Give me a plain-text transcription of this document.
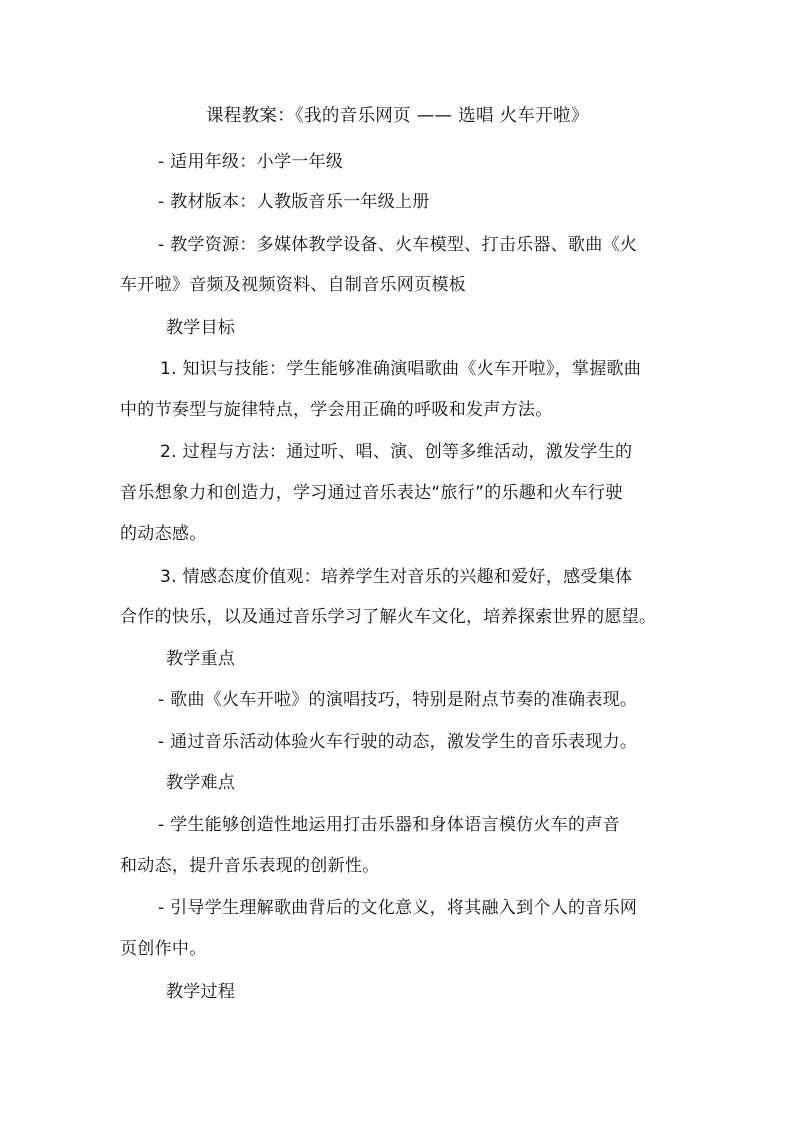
课程教案：《我的音乐网页 —— 选唱 火车开啦》
- 适用年级：小学一年级
- 教材版本：人教版音乐一年级上册
- 教学资源：多媒体教学设备、火车模型、打击乐器、歌曲《火
车开啦》音频及视频资料、自制音乐网页模板
教学目标
1. 知识与技能：学生能够准确演唱歌曲《火车开啦》，掌握歌曲
中的节奏型与旋律特点，学会用正确的呼吸和发声方法。
2. 过程与方法：通过听、唱、演、创等多维活动，激发学生的
音乐想象力和创造力，学习通过音乐表达“旅行”的乐趣和火车行驶
的动态感。
3. 情感态度价值观：培养学生对音乐的兴趣和爱好，感受集体
合作的快乐，以及通过音乐学习了解火车文化，培养探索世界的愿望。
教学重点
- 歌曲《火车开啦》的演唱技巧，特别是附点节奏的准确表现。
- 通过音乐活动体验火车行驶的动态，激发学生的音乐表现力。
教学难点
- 学生能够创造性地运用打击乐器和身体语言模仿火车的声音
和动态，提升音乐表现的创新性。
- 引导学生理解歌曲背后的文化意义，将其融入到个人的音乐网
页创作中。
教学过程
